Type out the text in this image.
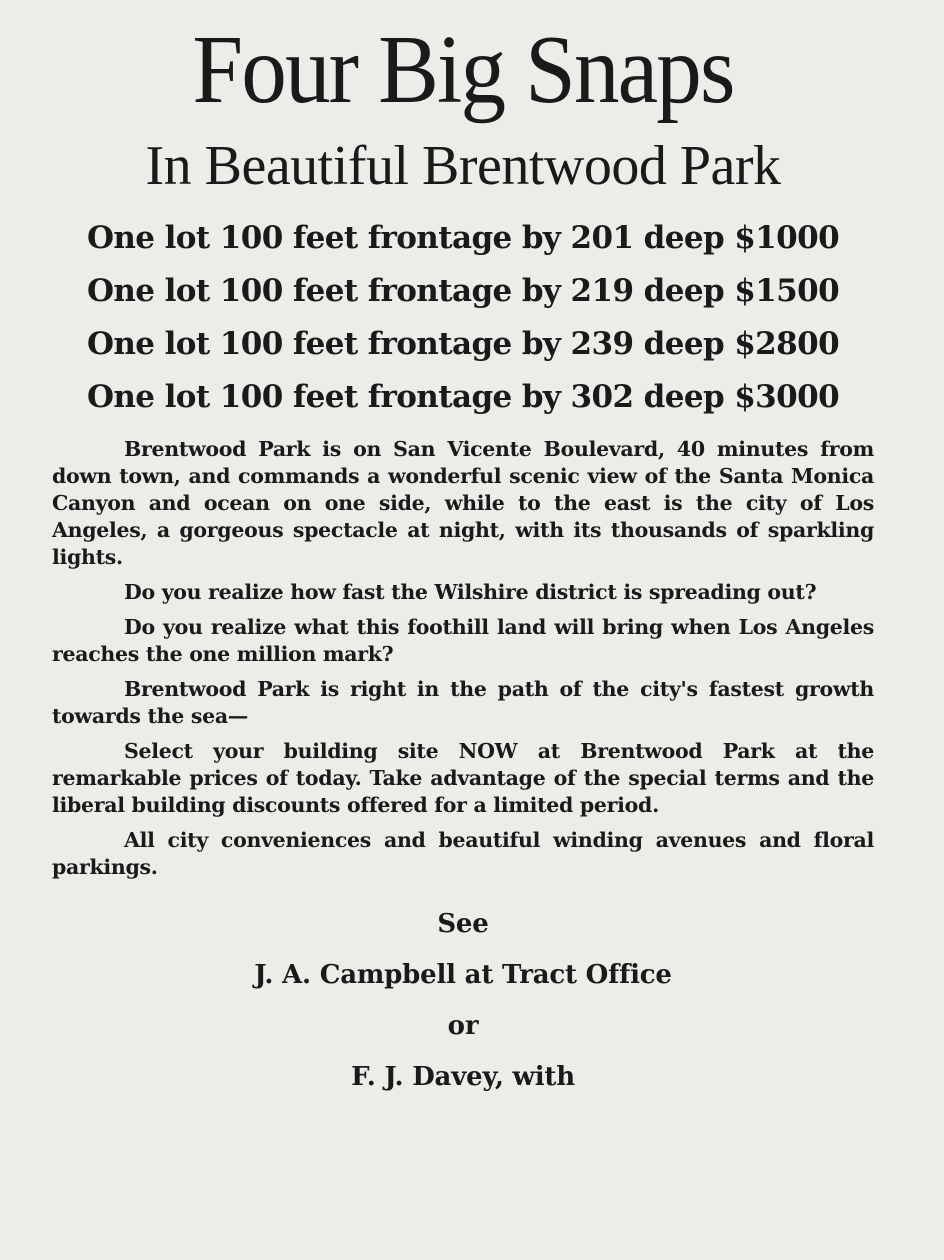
Four Big Snaps
In Beautiful Brentwood Park
One lot 100 feet frontage by 201 deep $1000
One lot 100 feet frontage by 219 deep $1500
One lot 100 feet frontage by 239 deep $2800
One lot 100 feet frontage by 302 deep $3000

Brentwood Park is on San Vicente Boulevard, 40 minutes from down town, and commands a wonderful scenic view of the Santa Monica Canyon and ocean on one side, while to the east is the city of Los Angeles, a gorgeous spectacle at night, with its thousands of sparkling lights.

Do you realize how fast the Wilshire district is spreading out?

Do you realize what this foothill land will bring when Los Angeles reaches the one million mark?

Brentwood Park is right in the path of the city's fastest growth towards the sea—

Select your building site NOW at Brentwood Park at the remarkable prices of today. Take advantage of the special terms and the liberal building discounts offered for a limited period.

All city conveniences and beautiful winding avenues and floral parkings.

See
J. A. Campbell at Tract Office
or
F. J. Davey, with
